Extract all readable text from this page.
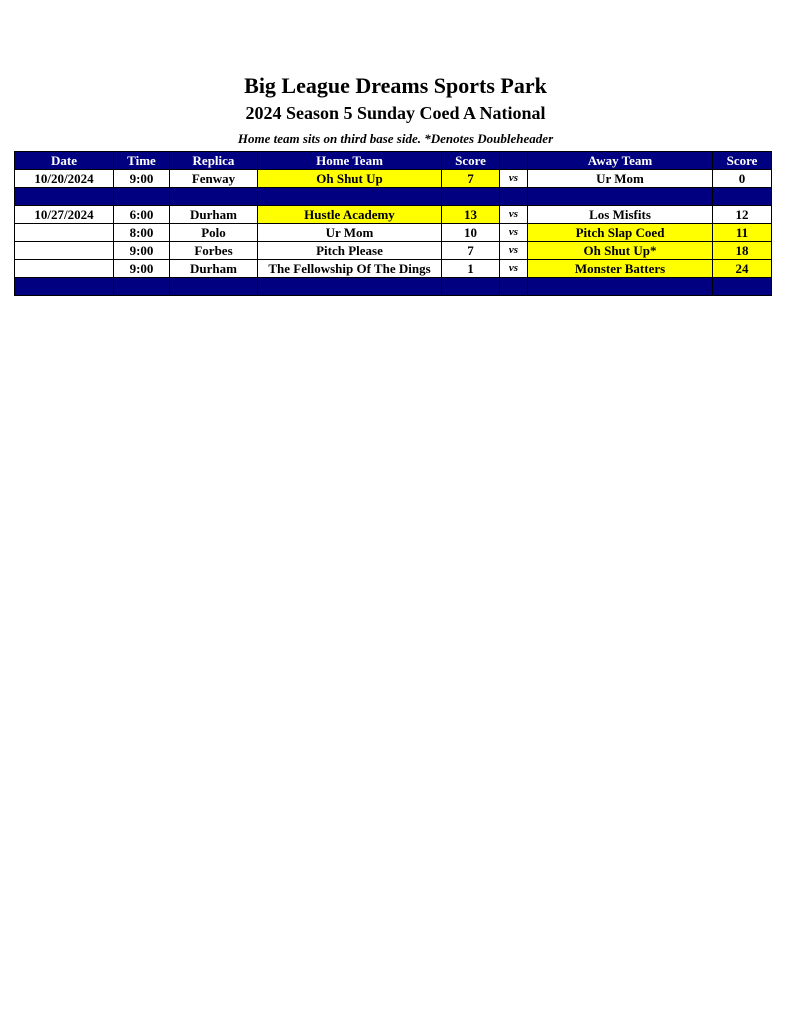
Big League Dreams Sports Park
2024 Season 5 Sunday Coed A National
Home team sits on third base side. *Denotes Doubleheader
Date	Time	Replica	Home Team	Score		Away Team	Score
10/20/2024	9:00	Fenway	Oh Shut Up	7	vs	Ur Mom	0

10/27/2024	6:00	Durham	Hustle Academy	13	vs	Los Misfits	12
	8:00	Polo	Ur Mom	10	vs	Pitch Slap Coed	11
	9:00	Forbes	Pitch Please	7	vs	Oh Shut Up*	18
	9:00	Durham	The Fellowship Of The Dings	1	vs	Monster Batters	24
